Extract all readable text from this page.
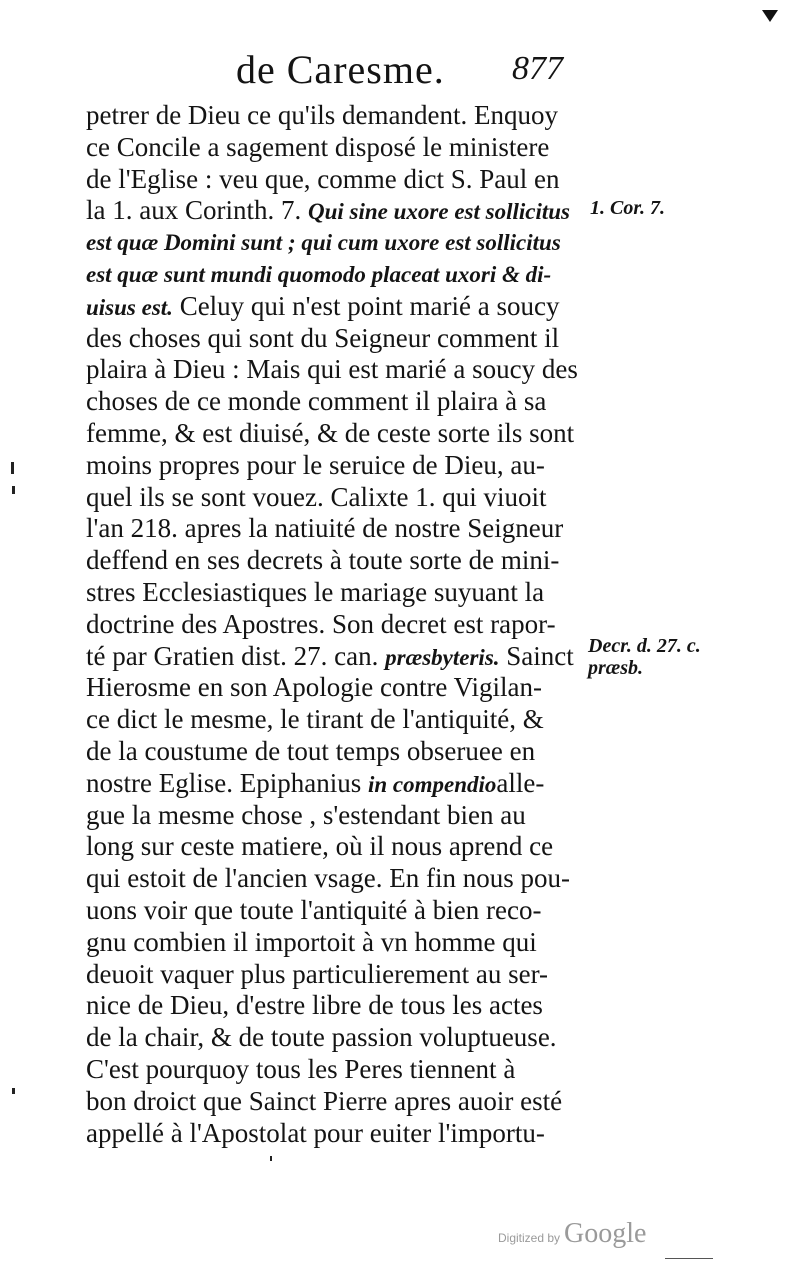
de Caresme. 877
petrer de Dieu ce qu'ils demandent. Enquoy
ce Concile a sagement disposé le ministere
de l'Eglise : veu que, comme dict S. Paul en
la 1. aux Corinth. 7. Qui sine uxore est sollicitus
est quæ Domini sunt ; qui cum uxore est sollicitus
est quæ sunt mundi quomodo placeat uxori & di-
uisus est. Celuy qui n'est point marié a soucy
des choses qui sont du Seigneur comment il
plaira à Dieu : Mais qui est marié a soucy des
choses de ce monde comment il plaira à sa
femme, & est diuisé, & de ceste sorte ils sont
moins propres pour le seruice de Dieu, au-
quel ils se sont vouez. Calixte 1. qui viuoit
l'an 218. apres la natiuité de nostre Seigneur
deffend en ses decrets à toute sorte de mini-
stres Ecclesiastiques le mariage suyuant la
doctrine des Apostres. Son decret est rapor-
té par Gratien dist. 27. can. præsbyteris. Sainct
Hierosme en son Apologie contre Vigilan-
ce dict le mesme, le tirant de l'antiquité, &
de la coustume de tout temps obseruee en
nostre Eglise. Epiphanius in compendioalle-
gue la mesme chose , s'estendant bien au
long sur ceste matiere, où il nous aprend ce
qui estoit de l'ancien vsage. En fin nous pou-
uons voir que toute l'antiquité à bien reco-
gnu combien il importoit à vn homme qui
deuoit vaquer plus particulierement au ser-
nice de Dieu, d'estre libre de tous les actes
de la chair, & de toute passion voluptueuse.
C'est pourquoy tous les Peres tiennent à
bon droict que Sainct Pierre apres auoir esté
appellé à l'Apostolat pour euiter l'importu-
1. Cor. 7.
Decr. d. 27. c.
præsb.
Digitized by Google
